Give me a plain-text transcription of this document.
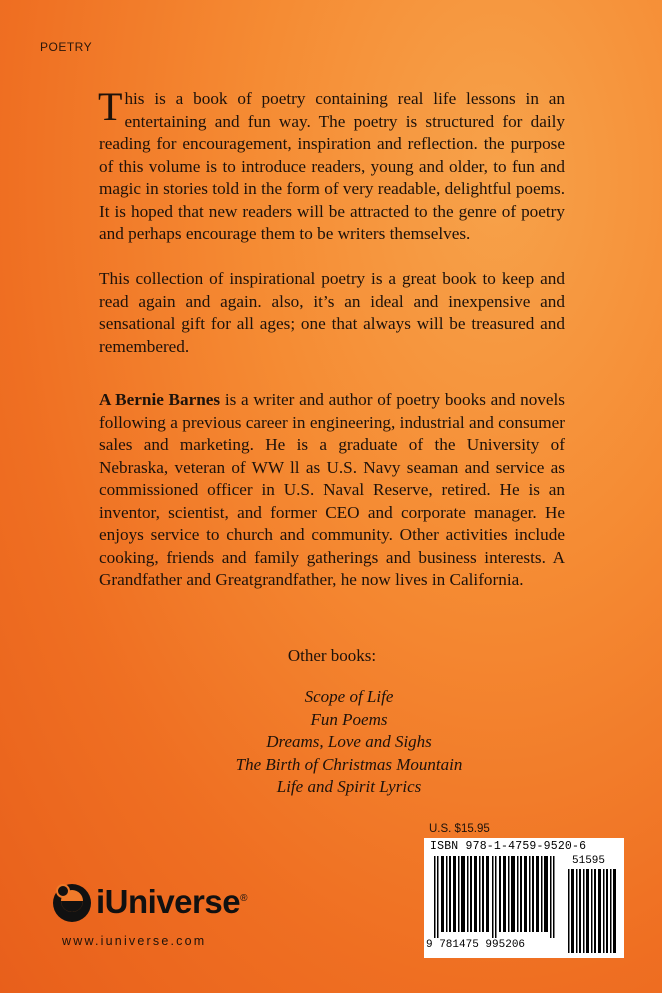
POETRY
This is a book of poetry containing real life lessons in an entertaining and fun way. The poetry is structured for daily reading for encouragement, inspiration and reflection. the purpose of this volume is to introduce readers, young and older, to fun and magic in stories told in the form of very readable, delightful poems. It is hoped that new readers will be attracted to the genre of poetry and perhaps encourage them to be writers themselves.
This collection of inspirational poetry is a great book to keep and read again and again. also, it’s an ideal and inexpensive and sensational gift for all ages; one that always will be treasured and remembered.
A Bernie Barnes is a writer and author of poetry books and novels following a previous career in engineering, industrial and consumer sales and marketing. He is a graduate of the University of Nebraska, veteran of WW ll as U.S. Navy seaman and service as commissioned officer in U.S. Naval Reserve, retired. He is an inventor, scientist, and former CEO and corporate manager. He enjoys service to church and community. Other activities include cooking, friends and family gatherings and business interests. A Grandfather and Greatgrandfather, he now lives in California.
Other books:
Scope of Life
Fun Poems
Dreams, Love and Sighs
The Birth of Christmas Mountain
Life and Spirit Lyrics
U.S. $15.95
ISBN 978-1-4759-9520-6
51595
9 781475 995206
iUniverse®
www.iuniverse.com
